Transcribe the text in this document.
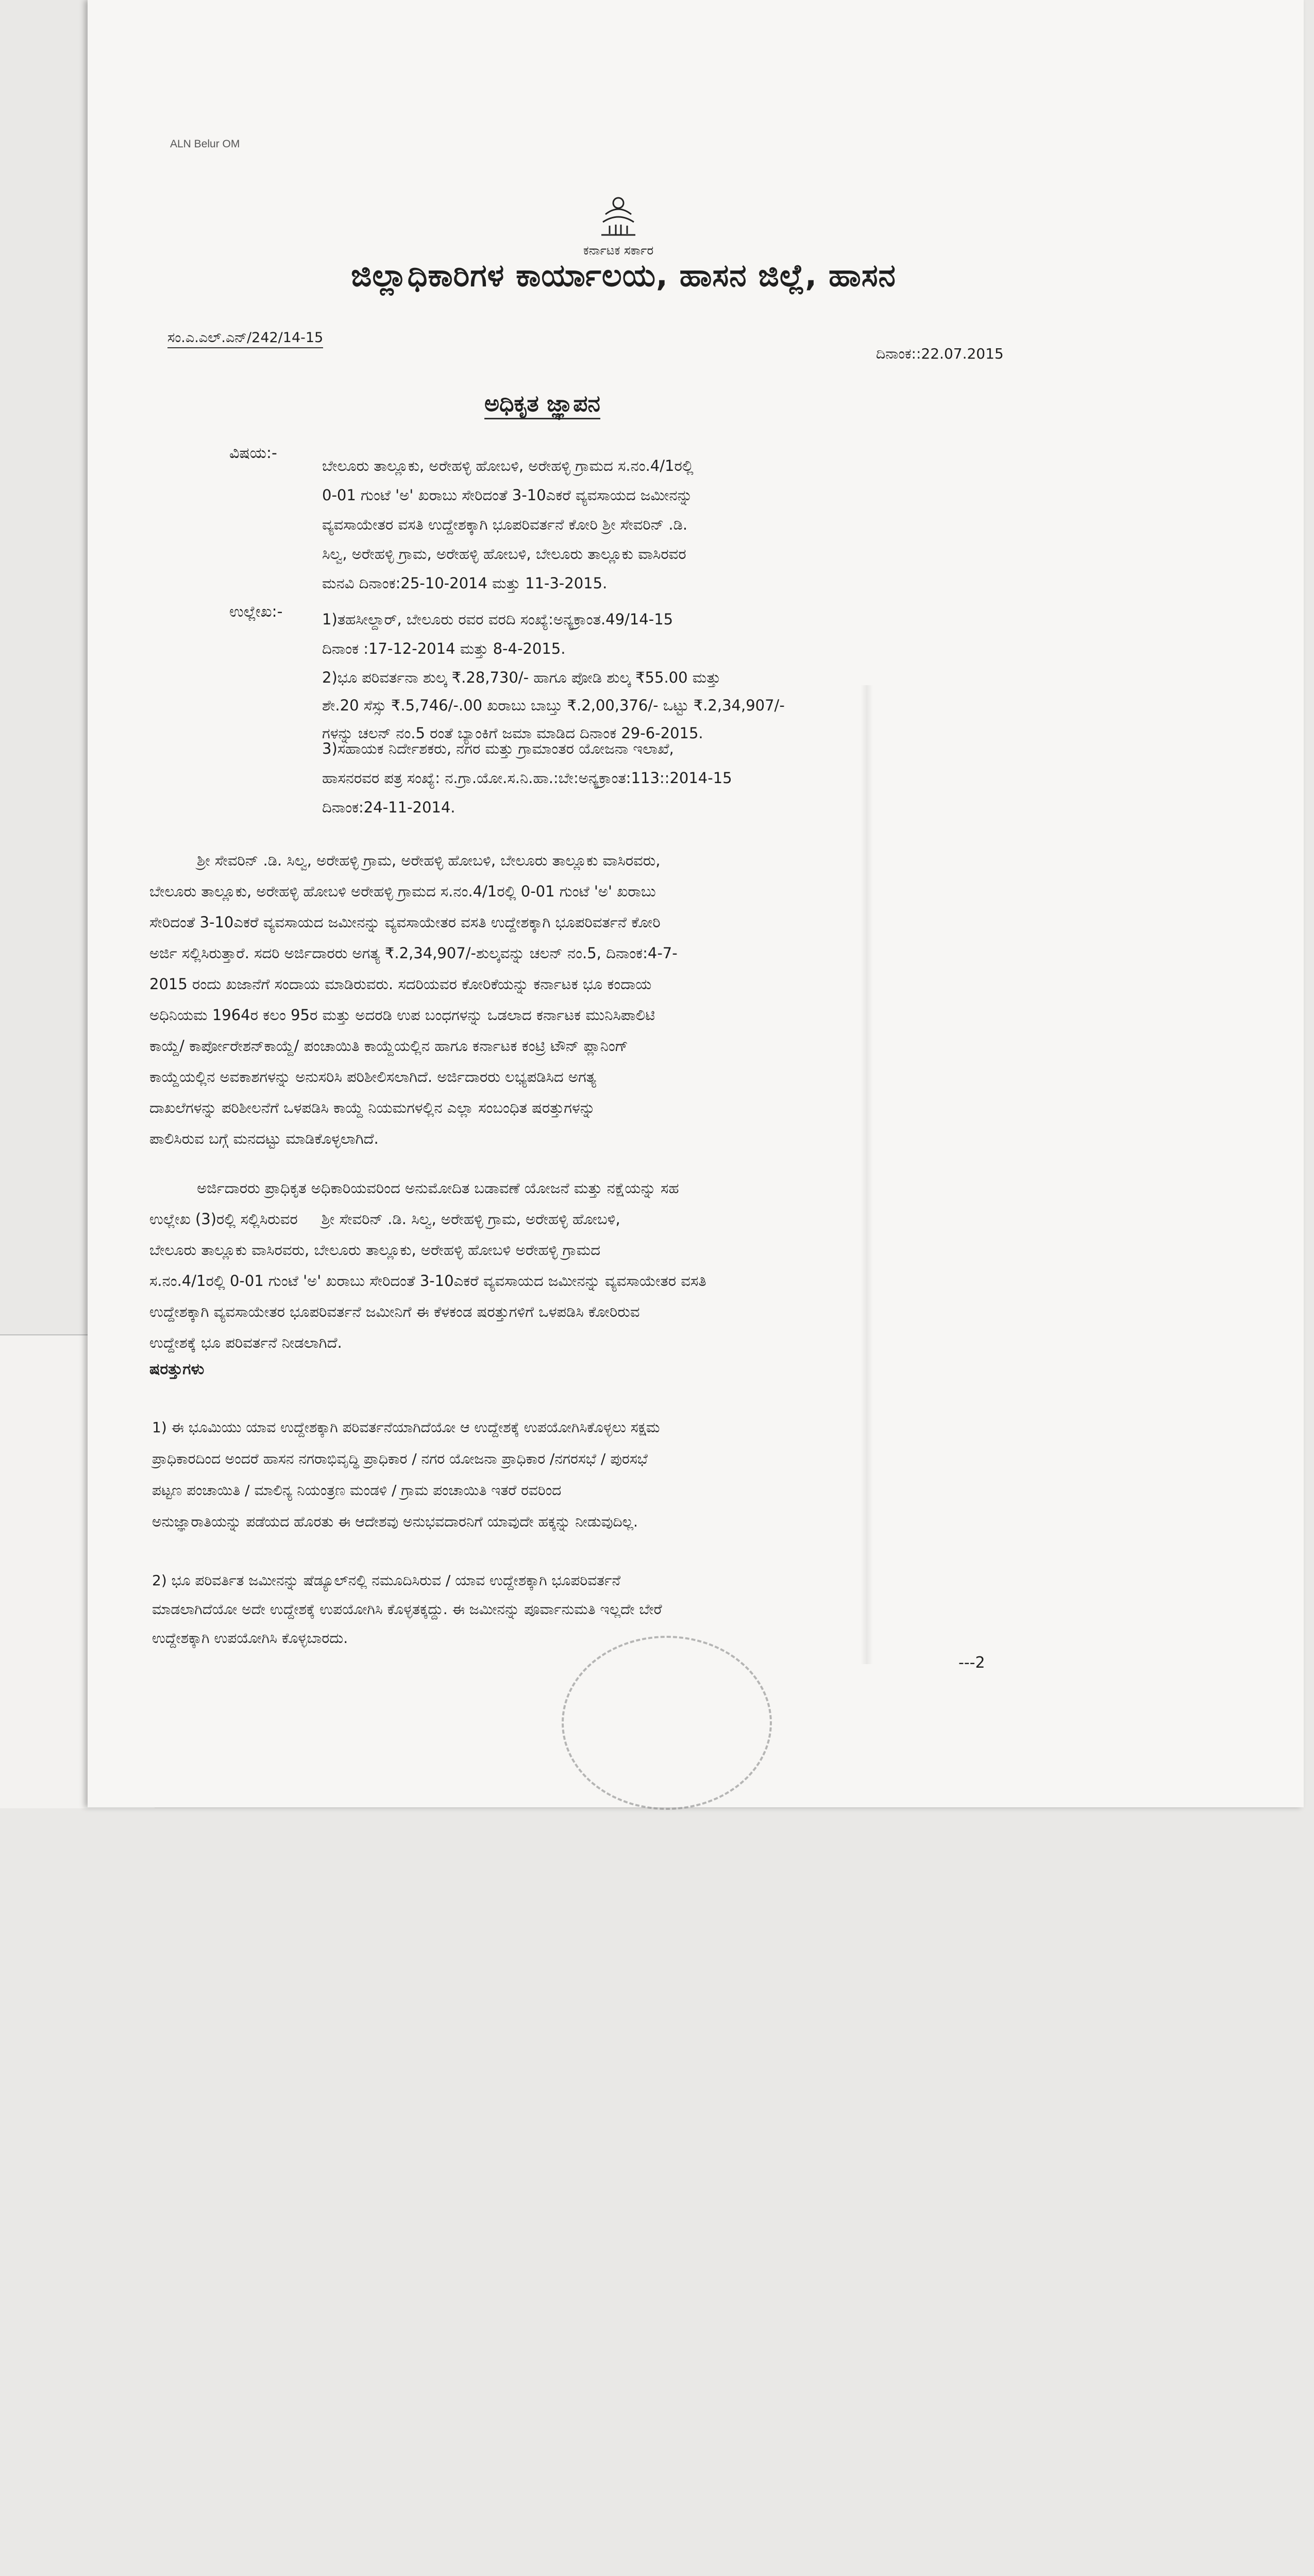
ALN Belur OM
ಕರ್ನಾಟಕ ಸರ್ಕಾರ
ಜಿಲ್ಲಾಧಿಕಾರಿಗಳ ಕಾರ್ಯಾಲಯ, ಹಾಸನ ಜಿಲ್ಲೆ, ಹಾಸನ
ಸಂ.ಎ.ಎಲ್.ಎನ್/242/14-15
ದಿನಾಂಕ::22.07.2015
ಅಧಿಕೃತ ಜ್ಞಾಪನ
ವಿಷಯ:-
ಬೇಲೂರು ತಾಲ್ಲೂಕು, ಅರೇಹಳ್ಳಿ ಹೋಬಳಿ, ಅರೇಹಳ್ಳಿ ಗ್ರಾಮದ ಸ.ನಂ.4/1ರಲ್ಲಿ
0-01 ಗುಂಟೆ 'ಅ' ಖರಾಬು ಸೇರಿದಂತೆ 3-10ಎಕರೆ ವ್ಯವಸಾಯದ ಜಮೀನನ್ನು
ವ್ಯವಸಾಯೇತರ ವಸತಿ ಉದ್ದೇಶಕ್ಕಾಗಿ ಭೂಪರಿವರ್ತನೆ ಕೋರಿ ಶ್ರೀ ಸೇವರಿನ್ .ಡಿ.
ಸಿಲ್ವ, ಅರೇಹಳ್ಳಿ ಗ್ರಾಮ, ಅರೇಹಳ್ಳಿ ಹೋಬಳಿ, ಬೇಲೂರು ತಾಲ್ಲೂಕು ವಾಸಿರವರ
ಮನವಿ ದಿನಾಂಕ:25-10-2014 ಮತ್ತು 11-3-2015.
ಉಲ್ಲೇಖ:-	1)ತಹಸೀಲ್ದಾರ್, ಬೇಲೂರು ರವರ ವರದಿ ಸಂಖ್ಯೆ:ಅನ್ಯಕ್ರಾಂತ.49/14-15
ದಿನಾಂಕ :17-12-2014 ಮತ್ತು 8-4-2015.
2)ಭೂ ಪರಿವರ್ತನಾ ಶುಲ್ಕ ₹.28,730/- ಹಾಗೂ ಪೋಡಿ ಶುಲ್ಕ ₹55.00 ಮತ್ತು
ಶೇ.20 ಸೆಸ್ಸು ₹.5,746/-.00 ಖರಾಬು ಬಾಬ್ತು ₹.2,00,376/- ಒಟ್ಟು ₹.2,34,907/-
ಗಳನ್ನು ಚಲನ್ ನಂ.5 ರಂತೆ ಬ್ಯಾಂಕಿಗೆ ಜಮಾ ಮಾಡಿದ ದಿನಾಂಕ 29-6-2015.
3)ಸಹಾಯಕ ನಿರ್ದೇಶಕರು, ನಗರ ಮತ್ತು ಗ್ರಾಮಾಂತರ ಯೋಜನಾ ಇಲಾಖೆ,
ಹಾಸನರವರ ಪತ್ರ ಸಂಖ್ಯೆ: ನ.ಗ್ರಾ.ಯೋ.ಸ.ನಿ.ಹಾ.:ಬೇ:ಅನ್ಯಕ್ರಾಂತ:113::2014-15
ದಿನಾಂಕ:24-11-2014.
ಶ್ರೀ ಸೇವರಿನ್ .ಡಿ. ಸಿಲ್ವ, ಅರೇಹಳ್ಳಿ ಗ್ರಾಮ, ಅರೇಹಳ್ಳಿ ಹೋಬಳಿ, ಬೇಲೂರು ತಾಲ್ಲೂಕು ವಾಸಿರವರು,
ಬೇಲೂರು ತಾಲ್ಲೂಕು, ಅರೇಹಳ್ಳಿ ಹೋಬಳಿ ಅರೇಹಳ್ಳಿ ಗ್ರಾಮದ ಸ.ನಂ.4/1ರಲ್ಲಿ 0-01 ಗುಂಟೆ 'ಅ' ಖರಾಬು
ಸೇರಿದಂತೆ 3-10ಎಕರೆ ವ್ಯವಸಾಯದ ಜಮೀನನ್ನು ವ್ಯವಸಾಯೇತರ ವಸತಿ ಉದ್ದೇಶಕ್ಕಾಗಿ ಭೂಪರಿವರ್ತನೆ ಕೋರಿ
ಅರ್ಜಿ ಸಲ್ಲಿಸಿರುತ್ತಾರೆ. ಸದರಿ ಅರ್ಜಿದಾರರು ಅಗತ್ಯ ₹.2,34,907/-ಶುಲ್ಕವನ್ನು ಚಲನ್ ನಂ.5, ದಿನಾಂಕ:4-7-
2015 ರಂದು ಖಜಾನೆಗೆ ಸಂದಾಯ ಮಾಡಿರುವರು. ಸದರಿಯವರ ಕೋರಿಕೆಯನ್ನು ಕರ್ನಾಟಕ ಭೂ ಕಂದಾಯ
ಅಧಿನಿಯಮ 1964ರ ಕಲಂ 95ರ ಮತ್ತು ಅದರಡಿ ಉಪ ಬಂಧಗಳನ್ನು ಒಡಲಾದ ಕರ್ನಾಟಕ ಮುನಿಸಿಪಾಲಿಟಿ
ಕಾಯ್ದೆ/ ಕಾರ್ಪೋರೇಶನ್‌ಕಾಯ್ದೆ/ ಪಂಚಾಯಿತಿ ಕಾಯ್ದೆಯಲ್ಲಿನ ಹಾಗೂ ಕರ್ನಾಟಕ ಕಂಟ್ರಿ ಟೌನ್ ಪ್ಲಾನಿಂಗ್
ಕಾಯ್ದೆಯಲ್ಲಿನ ಅವಕಾಶಗಳನ್ನು ಅನುಸರಿಸಿ ಪರಿಶೀಲಿಸಲಾಗಿದೆ. ಅರ್ಜಿದಾರರು ಲಭ್ಯಪಡಿಸಿದ ಅಗತ್ಯ
ದಾಖಲೆಗಳನ್ನು ಪರಿಶೀಲನೆಗೆ ಒಳಪಡಿಸಿ ಕಾಯ್ದೆ ನಿಯಮಗಳಲ್ಲಿನ ಎಲ್ಲಾ ಸಂಬಂಧಿತ ಷರತ್ತುಗಳನ್ನು
ಪಾಲಿಸಿರುವ ಬಗ್ಗೆ ಮನದಟ್ಟು ಮಾಡಿಕೊಳ್ಳಲಾಗಿದೆ.
ಅರ್ಜಿದಾರರು ಪ್ರಾಧಿಕೃತ ಅಧಿಕಾರಿಯವರಿಂದ ಅನುಮೋದಿತ ಬಡಾವಣೆ ಯೋಜನೆ ಮತ್ತು ನಕ್ಷೆಯನ್ನು ಸಹ
ಉಲ್ಲೇಖ (3)ರಲ್ಲಿ ಸಲ್ಲಿಸಿರುವರ     ಶ್ರೀ ಸೇವರಿನ್ .ಡಿ. ಸಿಲ್ವ, ಅರೇಹಳ್ಳಿ ಗ್ರಾಮ, ಅರೇಹಳ್ಳಿ ಹೋಬಳಿ,
ಬೇಲೂರು ತಾಲ್ಲೂಕು ವಾಸಿರವರು, ಬೇಲೂರು ತಾಲ್ಲೂಕು, ಅರೇಹಳ್ಳಿ ಹೋಬಳಿ ಅರೇಹಳ್ಳಿ ಗ್ರಾಮದ
ಸ.ನಂ.4/1ರಲ್ಲಿ 0-01 ಗುಂಟೆ 'ಅ' ಖರಾಬು ಸೇರಿದಂತೆ 3-10ಎಕರೆ ವ್ಯವಸಾಯದ ಜಮೀನನ್ನು ವ್ಯವಸಾಯೇತರ ವಸತಿ
ಉದ್ದೇಶಕ್ಕಾಗಿ ವ್ಯವಸಾಯೇತರ ಭೂಪರಿವರ್ತನೆ ಜಮೀನಿಗೆ ಈ ಕೆಳಕಂಡ ಷರತ್ತುಗಳಿಗೆ ಒಳಪಡಿಸಿ ಕೋರಿರುವ
ಉದ್ದೇಶಕ್ಕೆ ಭೂ ಪರಿವರ್ತನೆ ನೀಡಲಾಗಿದೆ.
ಷರತ್ತುಗಳು
1) ಈ ಭೂಮಿಯು ಯಾವ ಉದ್ದೇಶಕ್ಕಾಗಿ ಪರಿವರ್ತನೆಯಾಗಿದೆಯೋ ಆ ಉದ್ದೇಶಕ್ಕೆ ಉಪಯೋಗಿಸಿಕೊಳ್ಳಲು ಸಕ್ಷಮ
ಪ್ರಾಧಿಕಾರದಿಂದ ಅಂದರೆ ಹಾಸನ ನಗರಾಭಿವೃದ್ಧಿ ಪ್ರಾಧಿಕಾರ / ನಗರ ಯೋಜನಾ ಪ್ರಾಧಿಕಾರ /ನಗರಸಭೆ / ಪುರಸಭೆ
ಪಟ್ಟಣ ಪಂಚಾಯಿತಿ / ಮಾಲಿನ್ಯ ನಿಯಂತ್ರಣ ಮಂಡಳಿ / ಗ್ರಾಮ ಪಂಚಾಯಿತಿ ಇತರೆ ರವರಿಂದ
ಅನುಜ್ಞಾರಾತಿಯನ್ನು ಪಡೆಯದ ಹೊರತು ಈ ಆದೇಶವು ಅನುಭವದಾರನಿಗೆ ಯಾವುದೇ ಹಕ್ಕನ್ನು ನೀಡುವುದಿಲ್ಲ.
2) ಭೂ ಪರಿವರ್ತಿತ ಜಮೀನನ್ನು ಷೆಡ್ಯೂಲ್‌ನಲ್ಲಿ ನಮೂದಿಸಿರುವ / ಯಾವ ಉದ್ದೇಶಕ್ಕಾಗಿ ಭೂಪರಿವರ್ತನೆ
ಮಾಡಲಾಗಿದೆಯೋ ಅದೇ ಉದ್ದೇಶಕ್ಕೆ ಉಪಯೋಗಿಸಿ ಕೊಳ್ಳತಕ್ಕದ್ದು. ಈ ಜಮೀನನ್ನು ಪೂರ್ವಾನುಮತಿ ಇಲ್ಲದೇ ಬೇರೆ
ಉದ್ದೇಶಕ್ಕಾಗಿ ಉಪಯೋಗಿಸಿ ಕೊಳ್ಳಬಾರದು.
---2
